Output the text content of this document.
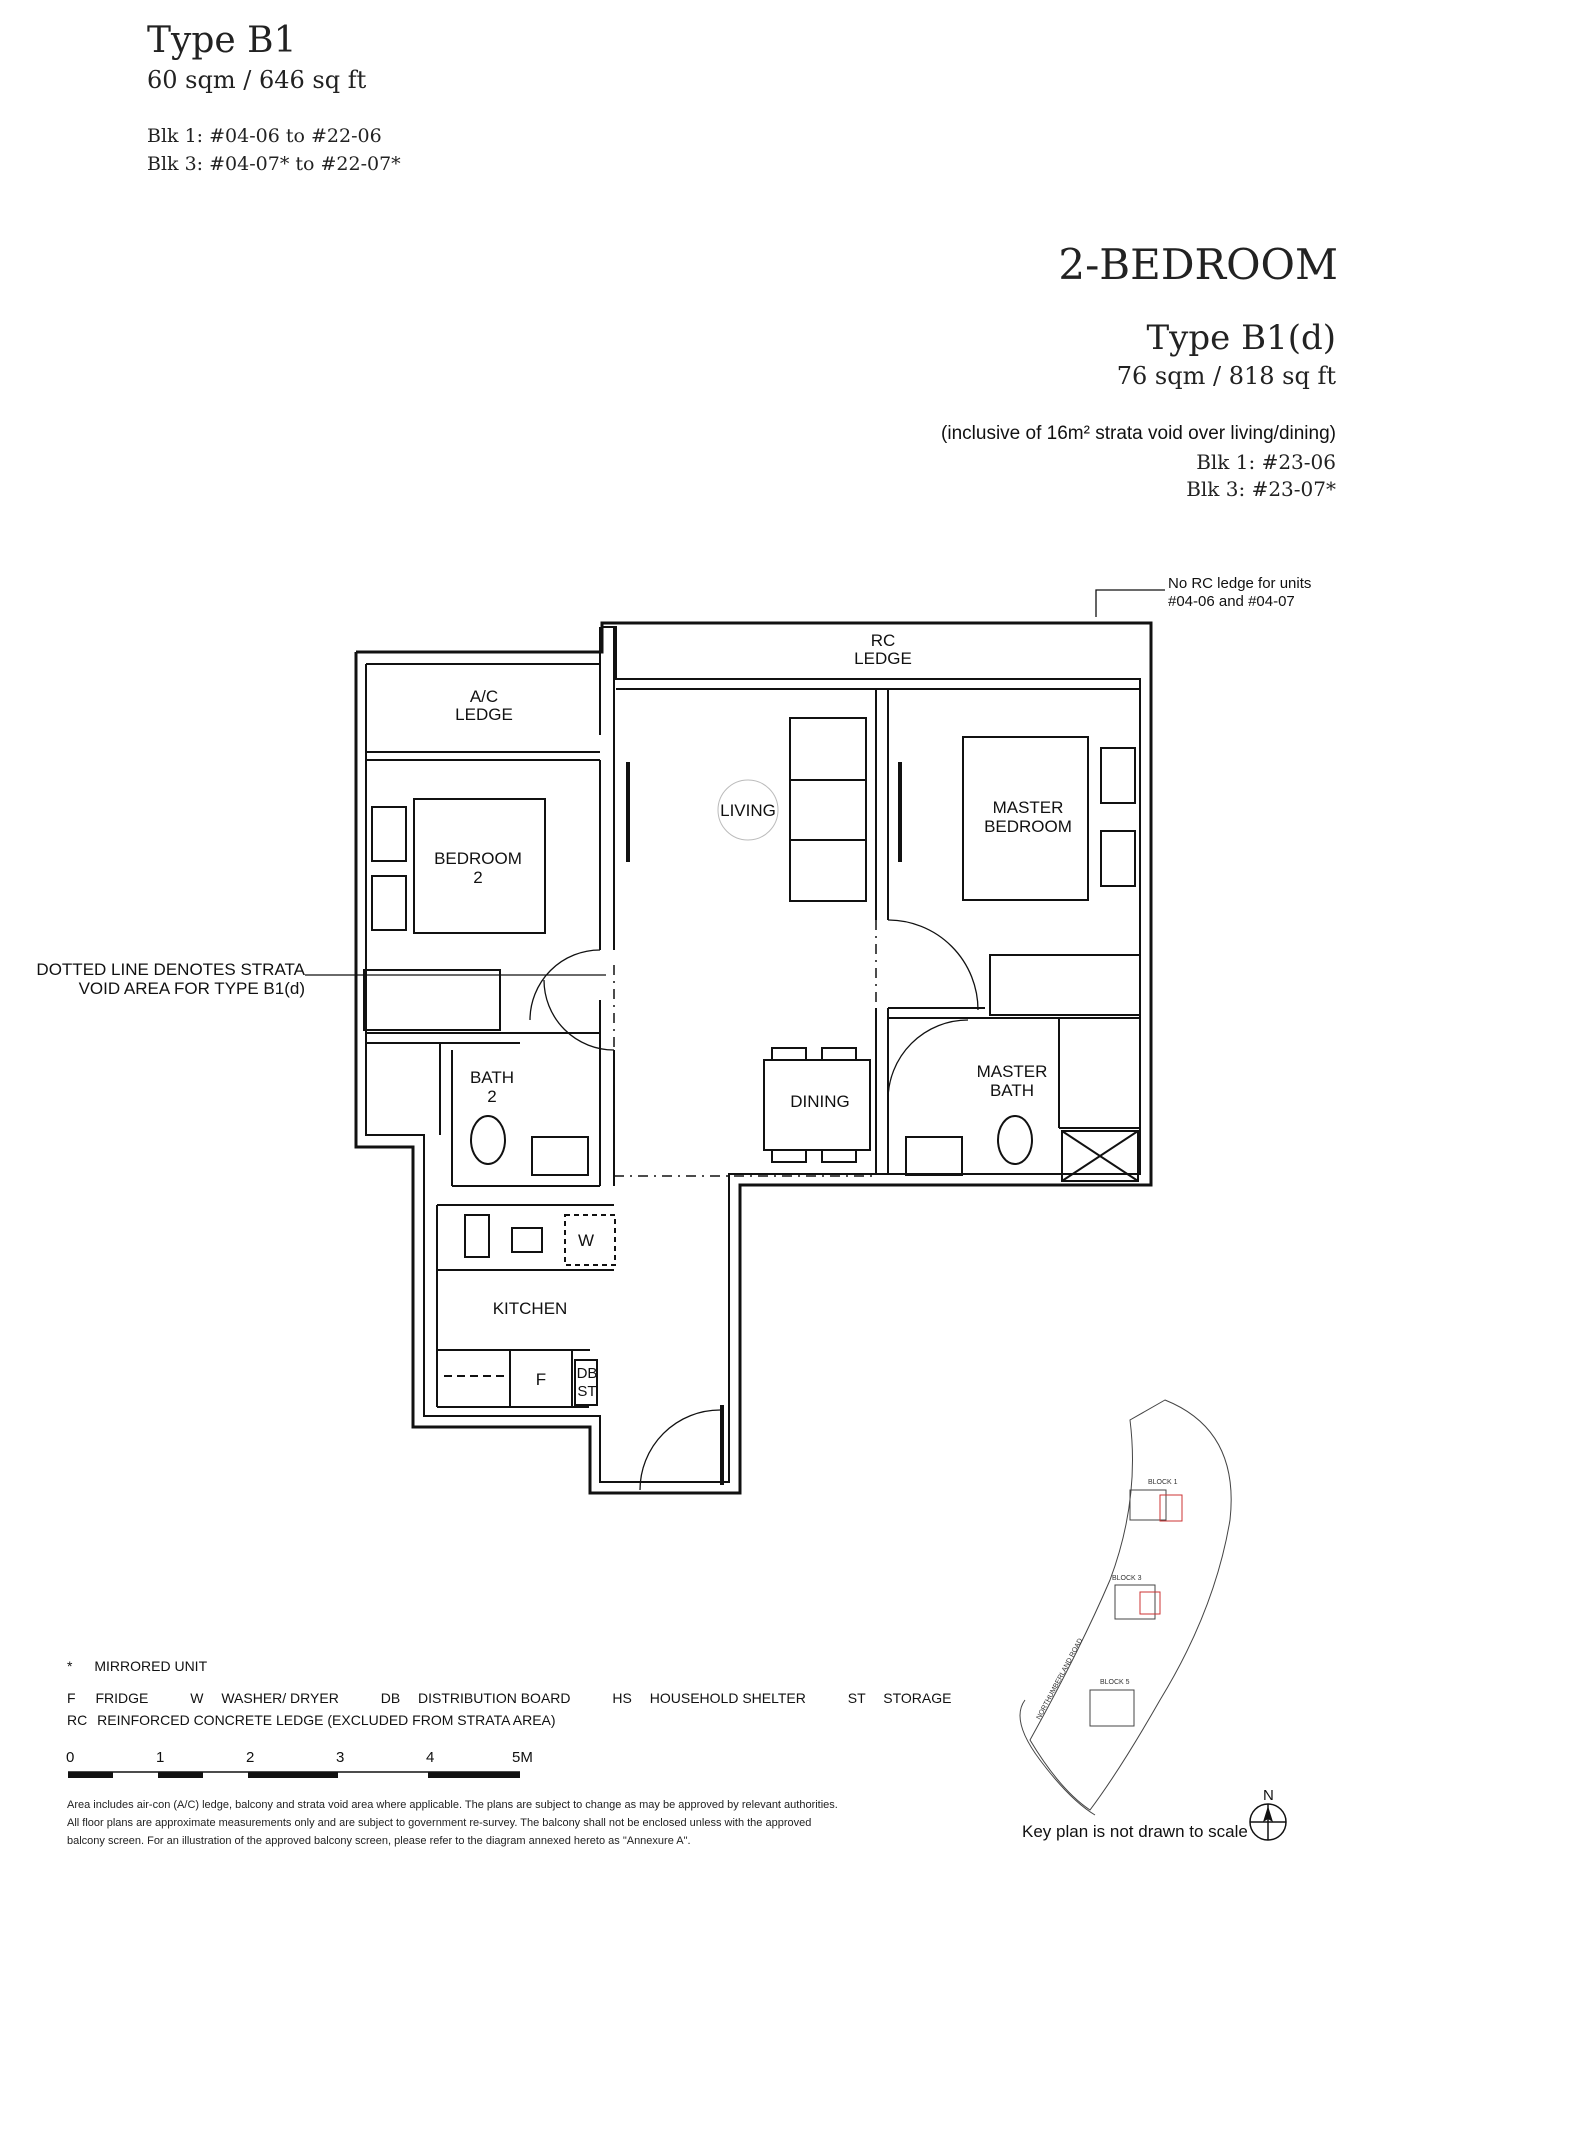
Type B1
60 sqm / 646 sq ft
Blk 1: #04-06 to #22-06
Blk 3: #04-07* to #22-07*
2-BEDROOM
Type B1(d)
76 sqm / 818 sq ft
(inclusive of 16m² strata void over living/dining)
Blk 1: #23-06
Blk 3: #23-07*
No RC ledge for units
#04-06 and #04-07
RC
LEDGE
A/C
LEDGE
LIVING	MASTER
BEDROOM
BEDROOM
2
DOTTED LINE DENOTES STRATA
VOID AREA FOR TYPE B1(d)
BATH
2	DINING
MASTER
BATH
KITCHEN
W
F DB
ST
0	1	2	3	4	5M
BLOCK 1
BLOCK 3
BLOCK 5
NORTHUMBERLAND ROAD
N
* MIRRORED UNIT
F FRIDGE	W WASHER/ DRYER	DB DISTRIBUTION BOARD	HS HOUSEHOLD SHELTER	ST STORAGE
RC REINFORCED CONCRETE LEDGE (EXCLUDED FROM STRATA AREA)
Area includes air-con (A/C) ledge, balcony and strata void area where applicable. The plans are subject to change as may be approved by relevant authorities.
All floor plans are approximate measurements only and are subject to government re-survey. The balcony shall not be enclosed unless with the approved
balcony screen. For an illustration of the approved balcony screen, please refer to the diagram annexed hereto as "Annexure A".	Key plan is not drawn to scale
